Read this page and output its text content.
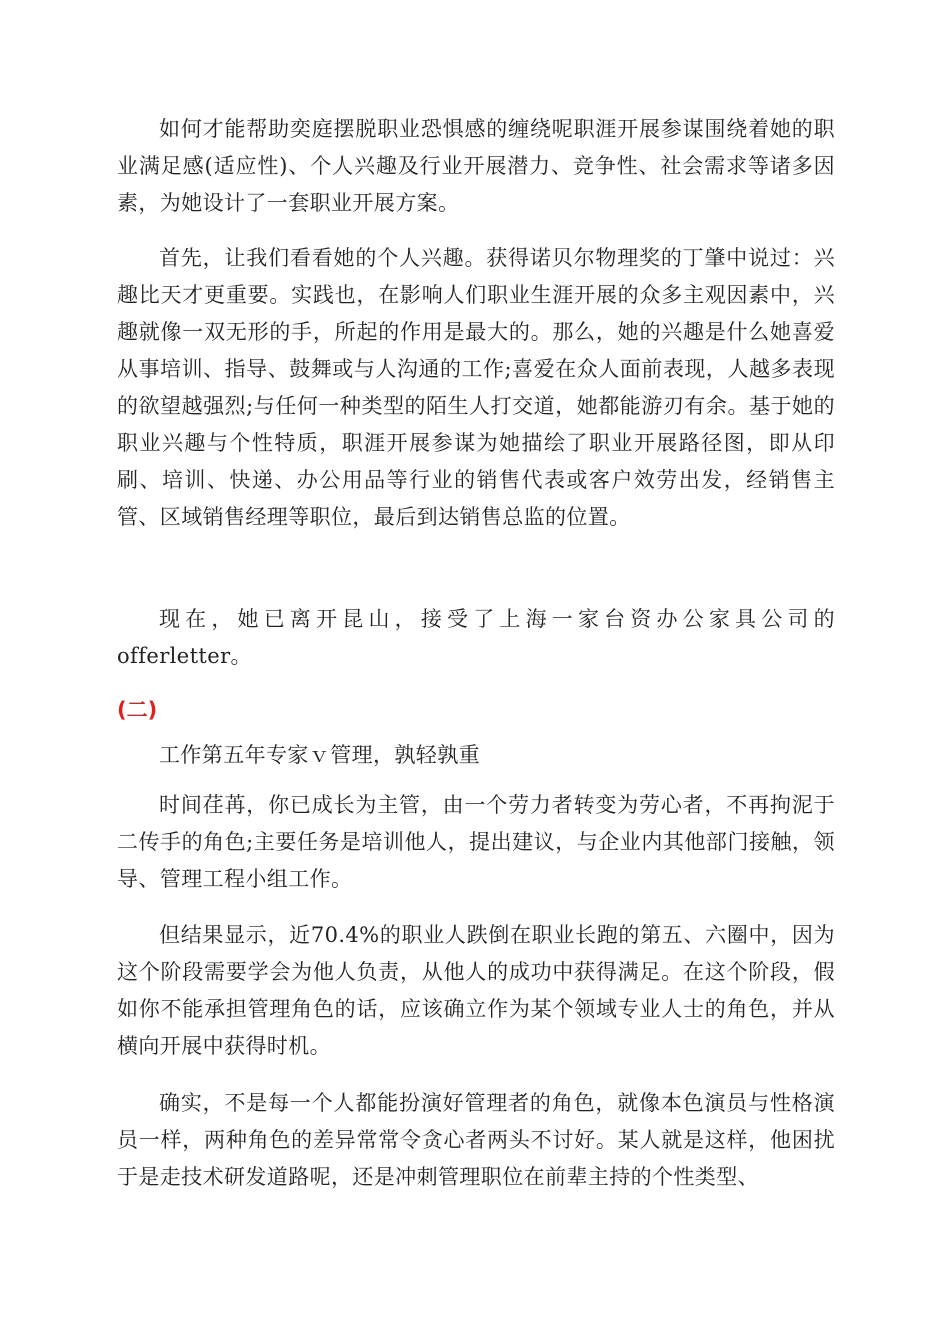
如何才能帮助奕庭摆脱职业恐惧感的缠绕呢职涯开展参谋围绕着她的职业满足感(适应性)、个人兴趣及行业开展潜力、竞争性、社会需求等诸多因素，为她设计了一套职业开展方案。

首先，让我们看看她的个人兴趣。获得诺贝尔物理奖的丁肇中说过：兴趣比天才更重要。实践也，在影响人们职业生涯开展的众多主观因素中，兴趣就像一双无形的手，所起的作用是最大的。那么，她的兴趣是什么她喜爱从事培训、指导、鼓舞或与人沟通的工作;喜爱在众人面前表现，人越多表现的欲望越强烈;与任何一种类型的陌生人打交道，她都能游刃有余。基于她的职业兴趣与个性特质，职涯开展参谋为她描绘了职业开展路径图，即从印刷、培训、快递、办公用品等行业的销售代表或客户效劳出发，经销售主管、区域销售经理等职位，最后到达销售总监的位置。

现在，她已离开昆山，接受了上海一家台资办公家具公司的offerletter。

(二)

工作第五年专家ｖ管理，孰轻孰重

时间荏苒，你已成长为主管，由一个劳力者转变为劳心者，不再拘泥于二传手的角色;主要任务是培训他人，提出建议，与企业内其他部门接触，领导、管理工程小组工作。

但结果显示，近70.4%的职业人跌倒在职业长跑的第五、六圈中，因为这个阶段需要学会为他人负责，从他人的成功中获得满足。在这个阶段，假如你不能承担管理角色的话，应该确立作为某个领域专业人士的角色，并从横向开展中获得时机。

确实，不是每一个人都能扮演好管理者的角色，就像本色演员与性格演员一样，两种角色的差异常常令贪心者两头不讨好。某人就是这样，他困扰于是走技术研发道路呢，还是冲刺管理职位在前辈主持的个性类型、
